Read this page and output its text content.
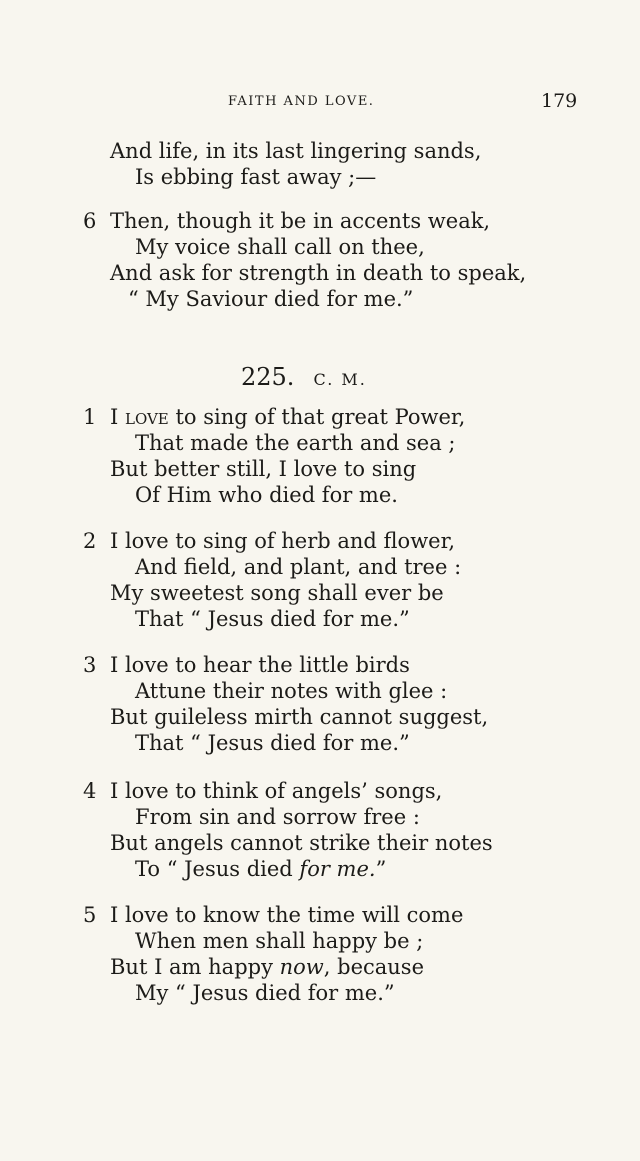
FAITH AND LOVE.	179
And life, in its last lingering sands,
Is ebbing fast away ;—
6 Then, though it be in accents weak,
My voice shall call on thee,
And ask for strength in death to speak,
“ My Saviour died for me.”
225. C. M.
1 I love to sing of that great Power,
That made the earth and sea ;
But better still, I love to sing
Of Him who died for me.
2 I love to sing of herb and flower,
And field, and plant, and tree :
My sweetest song shall ever be
That “ Jesus died for me.”
3 I love to hear the little birds
Attune their notes with glee :
But guileless mirth cannot suggest,
That “ Jesus died for me.”
4 I love to think of angels’ songs,
From sin and sorrow free :
But angels cannot strike their notes
To “ Jesus died for me.”
5 I love to know the time will come
When men shall happy be ;
But I am happy now, because
My “ Jesus died for me.”
